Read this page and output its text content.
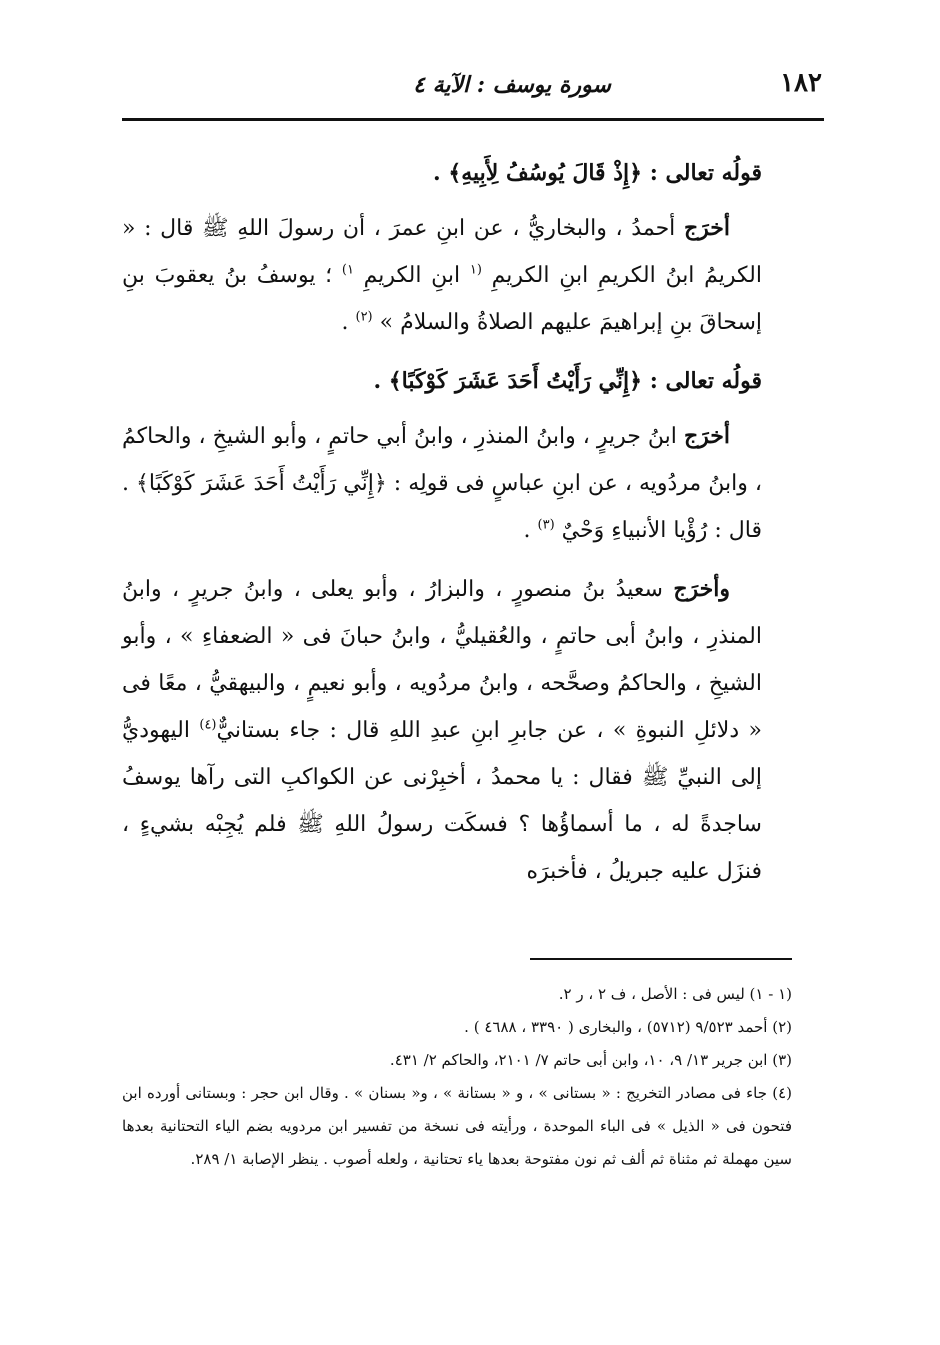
١٨٢
سورة يوسف : الآية ٤

قولُه تعالى : ﴿إِذْ قَالَ يُوسُفُ لِأَبِيهِ﴾ .

أخرَج أحمدُ ، والبخاريُّ ، عن ابنِ عمرَ ، أن رسولَ اللهِ ﷺ قال : « الكريمُ ابنُ الكريمِ ابنِ الكريمِ $^{(١}$ ابنِ الكريمِ $^{١)}$ ؛ يوسفُ بنُ يعقوبَ بنِ إسحاقَ بنِ إبراهيمَ عليهم الصلاةُ والسلامُ » $^{(٢)}$ .

قولُه تعالى : ﴿إِنِّي رَأَيْتُ أَحَدَ عَشَرَ كَوْكَبًا﴾ .

أخرَج ابنُ جريرٍ ، وابنُ المنذرِ ، وابنُ أبي حاتمٍ ، وأبو الشيخِ ، والحاكمُ ، وابنُ مردُويه ، عن ابنِ عباسٍ فى قولِه : ﴿إِنِّي رَأَيْتُ أَحَدَ عَشَرَ كَوْكَبًا﴾ . قال : رُؤْيا الأنبياءِ وَحْيٌ $^{(٣)}$ .

وأخرَج سعيدُ بنُ منصورٍ ، والبزارُ ، وأبو يعلى ، وابنُ جريرٍ ، وابنُ المنذرِ ، وابنُ أبى حاتمٍ ، والعُقيليُّ ، وابنُ حبانَ فى « الضعفاءِ » ، وأبو الشيخِ ، والحاكمُ وصحَّحه ، وابنُ مردُويه ، وأبو نعيمٍ ، والبيهقيُّ ، معًا فى « دلائلِ النبوةِ » ، عن جابرِ ابنِ عبدِ اللهِ قال : جاء بستانيٌّ$^{(٤)}$ اليهوديُّ إلى النبيِّ ﷺ فقال : يا محمدُ ، أخبِرْنى عن الكواكبِ التى رآها يوسفُ ساجدةً له ، ما أسماؤُها ؟ فسكَت رسولُ اللهِ ﷺ فلم يُجِبْه بشيءٍ ، فنزَل عليه جبريلُ ، فأخبرَه

(١ - ١) ليس فى : الأصل ، ف ٢ ، ر ٢.

(٢) أحمد ٩/٥٢٣ (٥٧١٢) ، والبخارى ( ٣٣٩٠ ، ٤٦٨٨ ) .

(٣) ابن جرير ١٣/ ٩، ١٠، وابن أبى حاتم ٧/ ٢١٠١، والحاكم ٢/ ٤٣١.

(٤) جاء فى مصادر التخريج : « بستانى » ، و « بستانة » ، و« بسنان » . وقال ابن حجر : وبستانى أورده ابن فتحون فى « الذيل » فى الباء الموحدة ، ورأيته فى نسخة من تفسير ابن مردويه بضم الياء التحتانية بعدها سين مهملة ثم مثناة ثم ألف ثم نون مفتوحة بعدها ياء تحتانية ، ولعله أصوب . ينظر الإصابة ١/ ٢٨٩.
